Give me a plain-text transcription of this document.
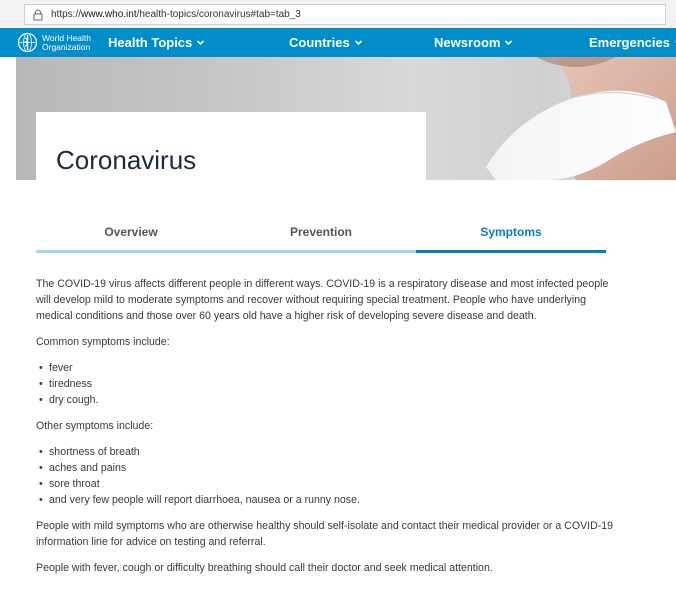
https://www.who.int/health-topics/coronavirus#tab=tab_3
World Health
Organization Health Topics	Countries	Newsroom	Emergencies
Coronavirus
Overview	Prevention	Symptoms

The COVID-19 virus affects different people in different ways. COVID-19 is a respiratory disease and most infected people will develop mild to moderate symptoms and recover without requiring special treatment. People who have underlying medical conditions and those over 60 years old have a higher risk of developing severe disease and death.

Common symptoms include:

• fever
• tiredness
• dry cough.

Other symptoms include:

• shortness of breath
• aches and pains
• sore throat
• and very few people will report diarrhoea, nausea or a runny nose.

People with mild symptoms who are otherwise healthy should self-isolate and contact their medical provider or a COVID-19 information line for advice on testing and referral.

People with fever, cough or difficulty breathing should call their doctor and seek medical attention.
